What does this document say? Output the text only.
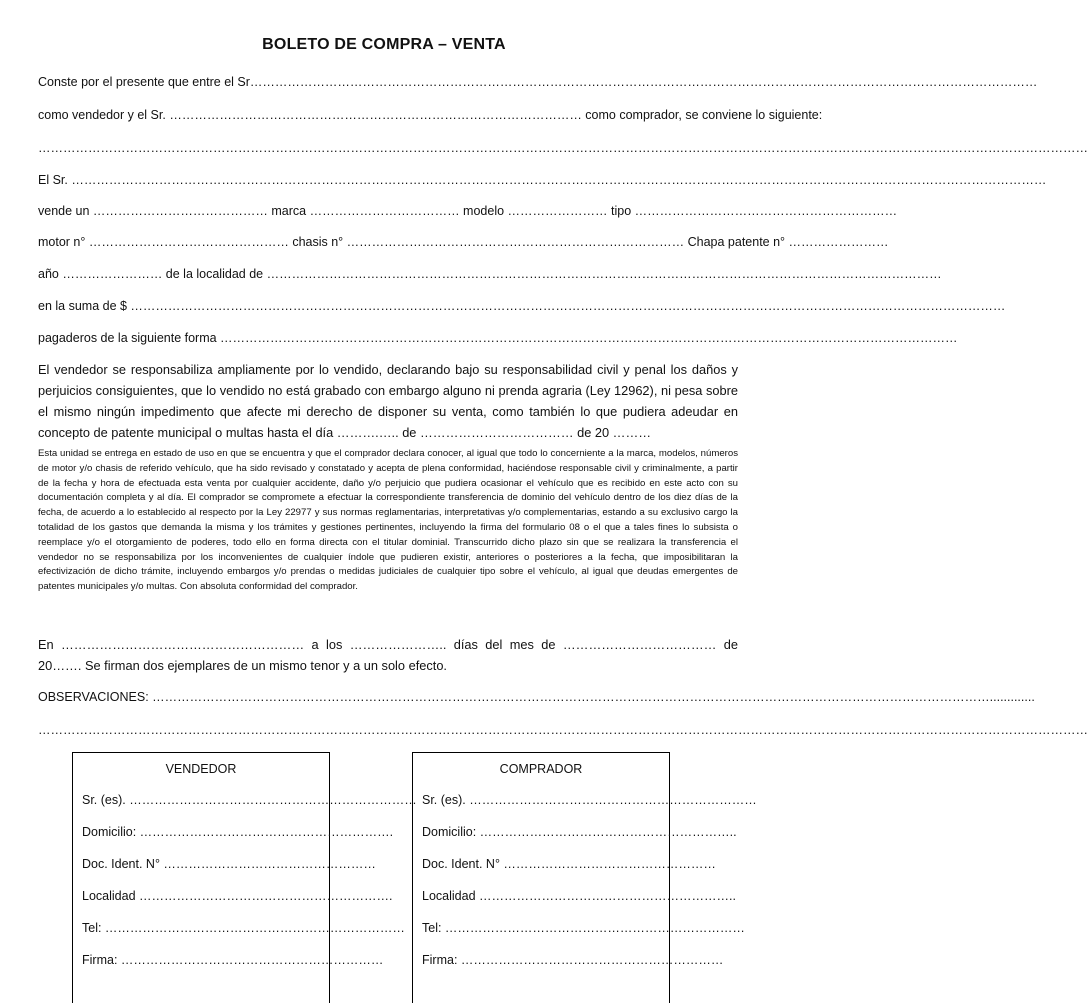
BOLETO DE COMPRA – VENTA
Conste por el presente que entre el Sr………………………………………………………………………………………………………………………………………………………………………
como vendedor y el Sr. ……………………………………………………………………………………… como comprador, se conviene lo siguiente:
………………………………………………………………………………………………………………………………………………………………………………………………………………………………
El Sr. ………………………………………………………………………………………………………………………………………………………………………………………………………………
vende un …………………………………… marca ……………………………… modelo …………………… tipo ………………………………………………………
motor n° ………………………………………… chasis n° ……………………………………………………………………… Chapa patente n° ……………………
año …………………… de la localidad de ………………………………………………………………………………………………………………………………………………
en la suma de $ …………………………………………………………………………………………………………………………………………………………………………………………
pagaderos de la siguiente forma ……………………………………………………………………………………………………………………………………………………………
El vendedor se responsabiliza ampliamente por lo vendido, declarando bajo su responsabilidad civil y penal los daños y perjuicios consiguientes, que lo vendido no está grabado con embargo alguno ni prenda agraria (Ley 12962), ni pesa sobre el mismo ningún impedimento que afecte mi derecho de disponer su venta, como también lo que pudiera adeudar en concepto de patente municipal o multas hasta el día ……….….. de ……………………………… de 20 ………
Esta unidad se entrega en estado de uso en que se encuentra y que el comprador declara conocer, al igual que todo lo concerniente a la marca, modelos, números de motor y/o chasis de referido vehículo, que ha sido revisado y constatado y acepta de plena conformidad, haciéndose responsable civil y criminalmente, a partir de la fecha y hora de efectuada esta venta por cualquier accidente, daño y/o perjuicio que pudiera ocasionar el vehículo que es recibido en este acto con su documentación completa y al día. El comprador se compromete a efectuar la correspondiente transferencia de dominio del vehículo dentro de los diez días de la fecha, de acuerdo a lo establecido al respecto por la Ley 22977 y sus normas reglamentarias, interpretativas y/o complementarias, estando a su exclusivo cargo la totalidad de los gastos que demanda la misma y los trámites y gestiones pertinentes, incluyendo la firma del formulario 08 o el que a tales fines lo subsista o reemplace y/o el otorgamiento de poderes, todo ello en forma directa con el titular dominial. Transcurrido dicho plazo sin que se realizara la transferencia el vendedor no se responsabiliza por los inconvenientes de cualquier índole que pudieren existir, anteriores o posteriores a la fecha, que imposibilitaran la efectivización de dicho trámite, incluyendo embargos y/o prendas o medidas judiciales de cualquier tipo sobre el vehículo, al igual que deudas emergentes de patentes municipales y/o multas. Con absoluta conformidad del comprador.
En ………………………………………………… a los ………………….. días del mes de ……………………………… de 20……. Se firman dos ejemplares de un mismo tenor y a un solo efecto.
OBSERVACIONES: ………………………………………………………………………………………………………………………………………………………………………………….............
………………………………………………………………………………………………………………………………………………………………………………………………………………………………
VENDEDOR
Sr. (es). ……………………………………………………………
Domicilio: …………………………………………………….
Doc. Ident. N° ……………………………………………
Localidad …………………………………………………….
Tel: ………………………………………………………………
Firma: ………………………………………………………
COMPRADOR
Sr. (es). ……………………………………………………………
Domicilio: ……………………………………………………..
Doc. Ident. N° ……………………………………………
Localidad ……………………………………………………..
Tel: ………………………………………………………………
Firma: ………………………………………………………
